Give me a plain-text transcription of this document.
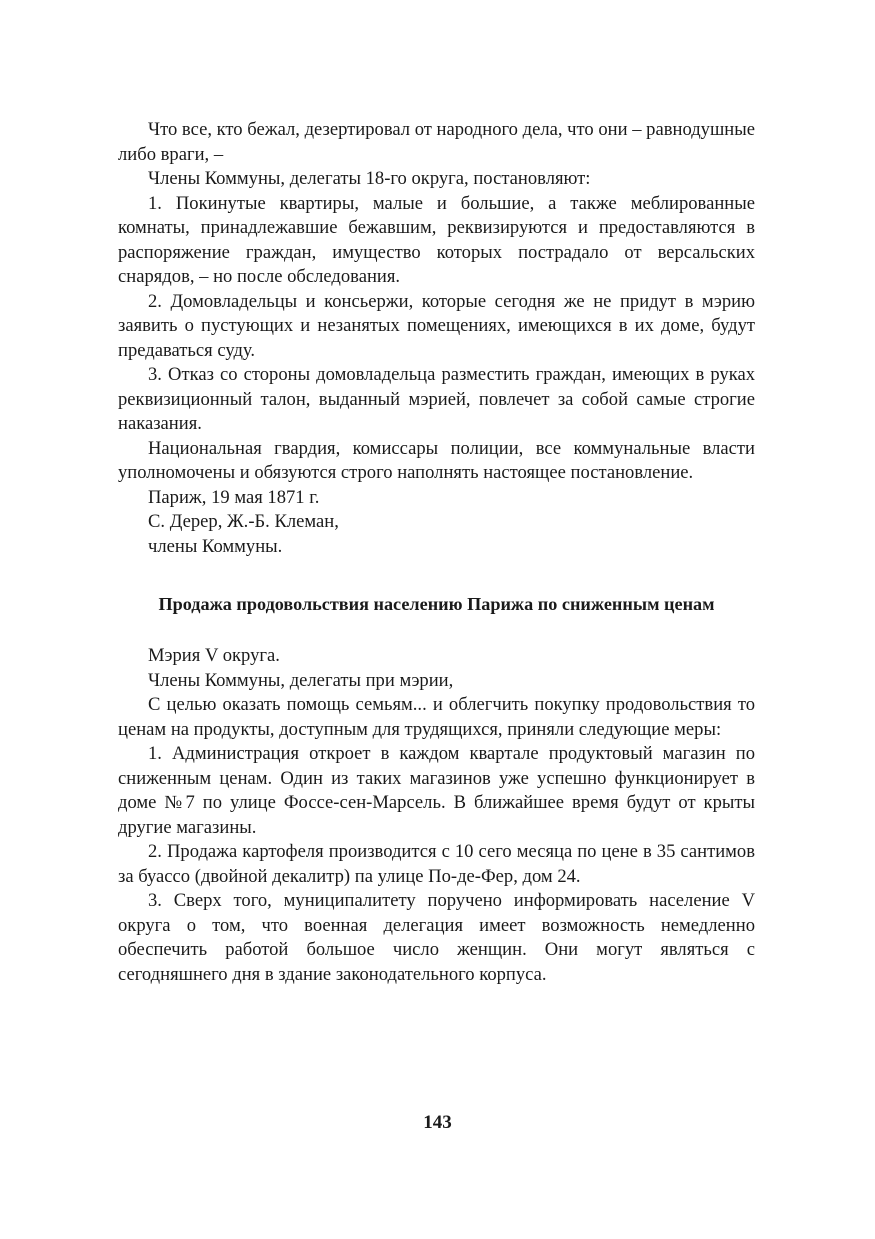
Что все, кто бежал, дезертировал от народного дела, что они – равнодушные либо враги, –

Члены Коммуны, делегаты 18-го округа, постановляют:

1. Покинутые квартиры, малые и большие, а также меблированные комнаты, принадлежавшие бежавшим, реквизируются и предоставляются в распоряжение граждан, имущество которых пострадало от версальских снарядов, – но после обследования.

2. Домовладельцы и консьержи, которые сегодня же не придут в мэрию заявить о пустующих и незанятых помещениях, имеющихся в их доме, будут предаваться суду.

3. Отказ со стороны домовладельца разместить граждан, имеющих в руках реквизиционный талон, выданный мэрией, повлечет за собой самые строгие наказания.

Национальная гвардия, комиссары полиции, все коммунальные власти уполномочены и обязуются строго наполнять настоящее постановление.

Париж, 19 мая 1871 г.

С. Дерер, Ж.-Б. Клеман,

члены Коммуны.

Продажа продовольствия населению Парижа по сниженным ценам

Мэрия V округа.

Члены Коммуны, делегаты при мэрии,

С целью оказать помощь семьям... и облегчить покупку продовольствия то ценам на продукты, доступным для трудящихся, приняли следующие меры:

1. Администрация откроет в каждом квартале продуктовый магазин по сниженным ценам. Один из таких магазинов уже успешно функционирует в доме №7 по улице Фоссе-сен-Марсель. В ближайшее время будут от крыты другие магазины.

2. Продажа картофеля производится с 10 сего месяца по цене в 35 сантимов за буассо (двойной декалитр) па улице По-де-Фер, дом 24.

3. Сверх того, муниципалитету поручено информировать население V округа о том, что военная делегация имеет возможность немедленно обеспечить работой большое число женщин. Они могут являться с сегодняшнего дня в здание законодательного корпуса.

143
